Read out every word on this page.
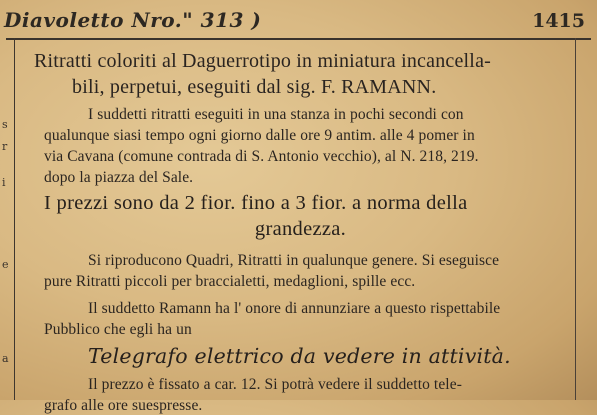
Diavoletto Nro." 313 )	1415
s
r
i
e
a
Ritratti coloriti al Daguerrotipo in miniatura incancella-
bili, perpetui, eseguiti dal sig. F. RAMANN.
I suddetti ritratti eseguiti in una stanza in pochi secondi con
qualunque siasi tempo ogni giorno dalle ore 9 antim. alle 4 pomer in
via Cavana (comune contrada di S. Antonio vecchio), al N. 218, 219.
dopo la piazza del Sale.
I prezzi sono da 2 fior. fino a 3 fior. a norma della
grandezza.
Si riproducono Quadri, Ritratti in qualunque genere. Si eseguisce
pure Ritratti piccoli per braccialetti, medaglioni, spille ecc.
Il suddetto Ramann ha l' onore di annunziare a questo rispettabile
Pubblico che egli ha un
Telegrafo elettrico da vedere in attività.
Il prezzo è fissato a car. 12. Si potrà vedere il suddetto tele-
grafo alle ore suespresse.
